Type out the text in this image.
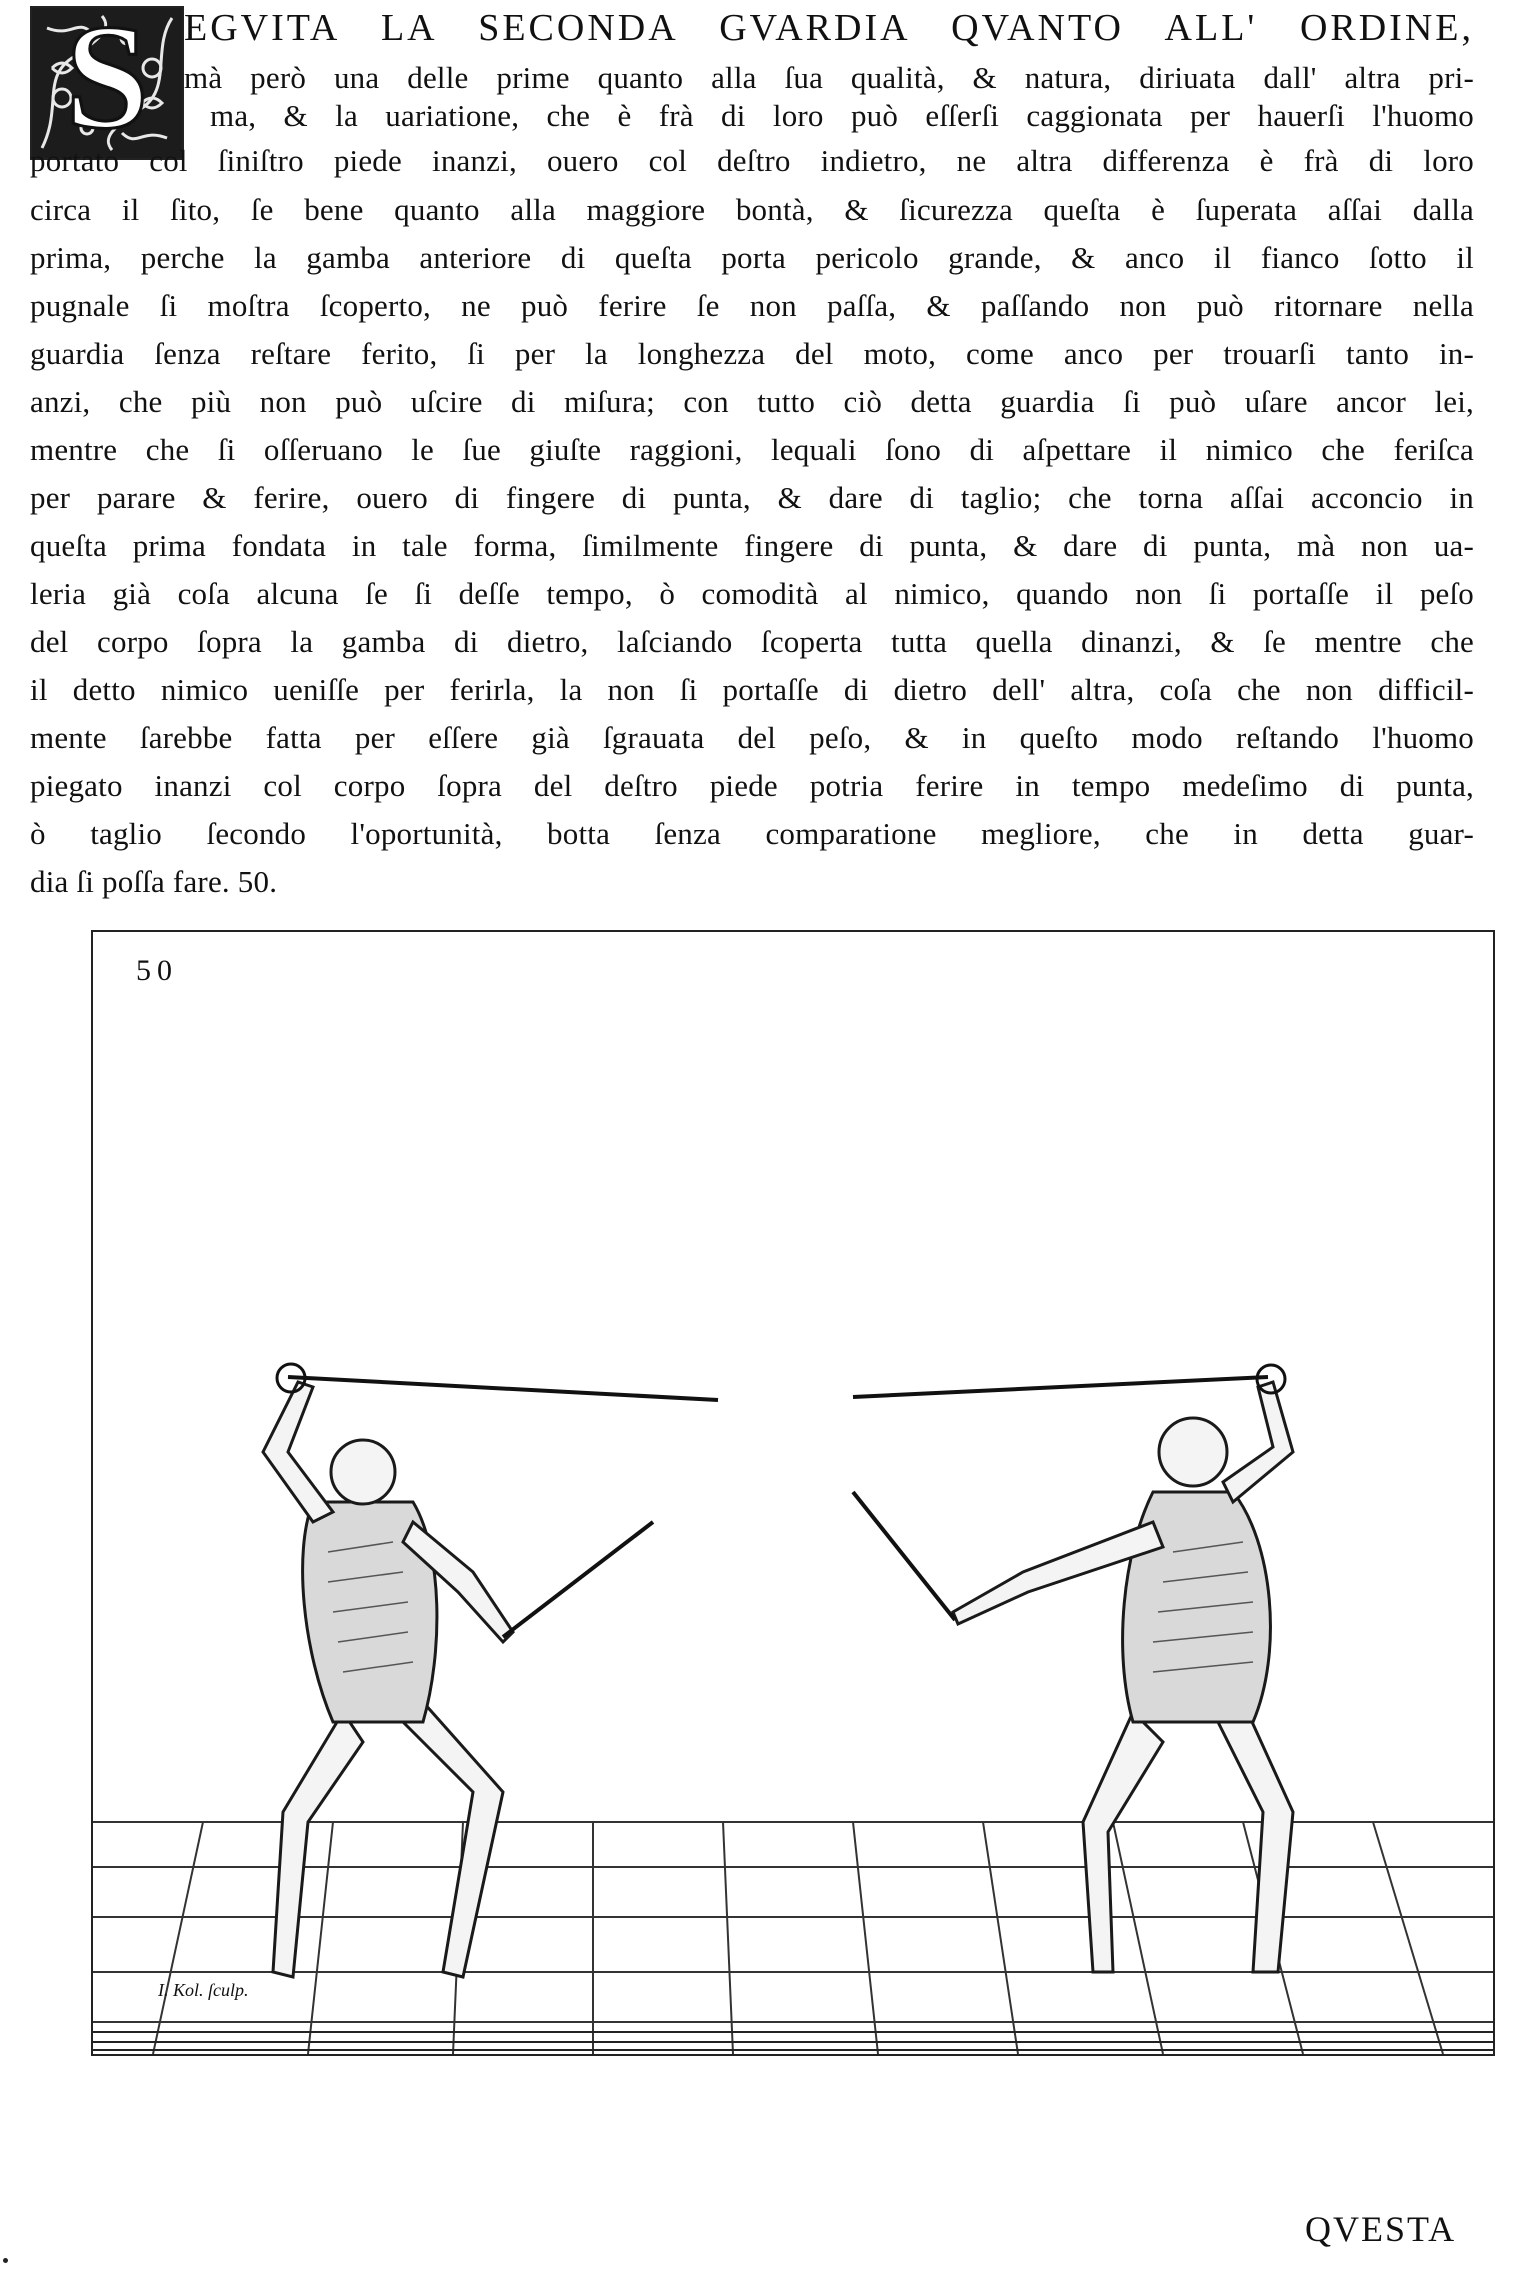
S EGVITA LA SECONDA GVARDIA QVANTO ALL' ORDINE,
mà però una delle prime quanto alla ſua qualità, & natura, diriuata dall' altra pri-
ma, & la uariatione, che è frà di loro può eſſerſi caggionata per hauerſi l'huomo
portato col ſiniſtro piede inanzi, ouero col deſtro indietro, ne altra differenza è frà di loro
circa il ſito, ſe bene quanto alla maggiore bontà, & ſicurezza queſta è ſuperata aſſai dalla
prima, perche la gamba anteriore di queſta porta pericolo grande, & anco il fianco ſotto il
pugnale ſi moſtra ſcoperto, ne può ferire ſe non paſſa, & paſſando non può ritornare nella
guardia ſenza reſtare ferito, ſi per la longhezza del moto, come anco per trouarſi tanto in-
anzi, che più non può uſcire di miſura; con tutto ciò detta guardia ſi può uſare ancor lei,
mentre che ſi oſſeruano le ſue giuſte raggioni, lequali ſono di aſpettare il nimico che feriſca
per parare & ferire, ouero di fingere di punta, & dare di taglio; che torna aſſai acconcio in
queſta prima fondata in tale forma, ſimilmente fingere di punta, & dare di punta, mà non ua-
leria già coſa alcuna ſe ſi deſſe tempo, ò comodità al nimico, quando non ſi portaſſe il peſo
del corpo ſopra la gamba di dietro, laſciando ſcoperta tutta quella dinanzi, & ſe mentre che
il detto nimico ueniſſe per ferirla, la non ſi portaſſe di dietro dell' altra, coſa che non difficil-
mente ſarebbe fatta per eſſere già ſgrauata del peſo, & in queſto modo reſtando l'huomo
piegato inanzi col corpo ſopra del deſtro piede potria ferire in tempo medeſimo di punta,
ò taglio ſecondo l'oportunità, botta ſenza comparatione megliore, che in detta guar-
dia ſi poſſa fare. 50.
50
I. Kol. ſculp.
QVESTA
